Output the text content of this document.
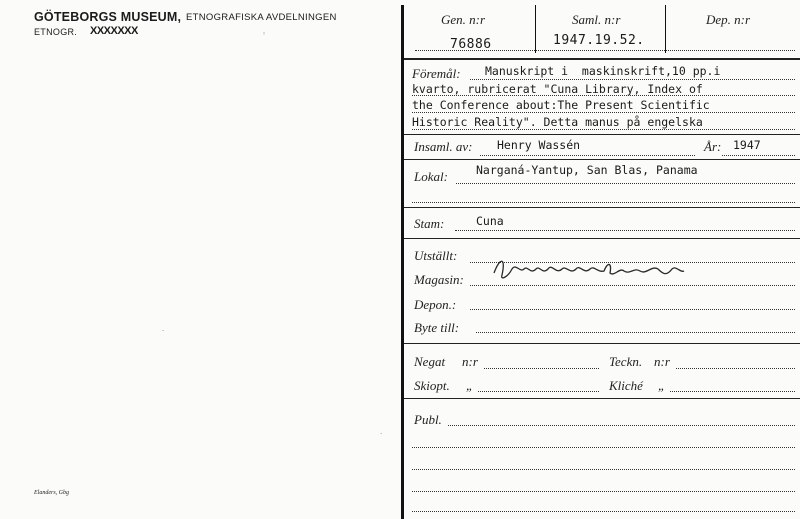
GÖTEBORGS MUSEUM, ETNOGRAFISKA AVDELNINGEN
ETNOGR. XXXXXXX
Elanders, Gbg
◦
·
·
Gen. n:r	Saml. n:r	Dep. n:r
76886	1947.19.52.
Föremål: Manuskript i  maskinskrift,10 pp.i
kvarto, rubricerat "Cuna Library, Index of
the Conference about:The Present Scientific
Historic Reality". Detta manus på engelska
Insaml. av: Henry Wassén	År: 1947
Lokal: Narganá-Yantup, San Blas, Panama
Stam:	Cuna
Utställt:
Magasin:
Depon.:
Byte till:
Negat n:r	Teckn. n:r
Skiopt. „	Kliché „
Publ.
